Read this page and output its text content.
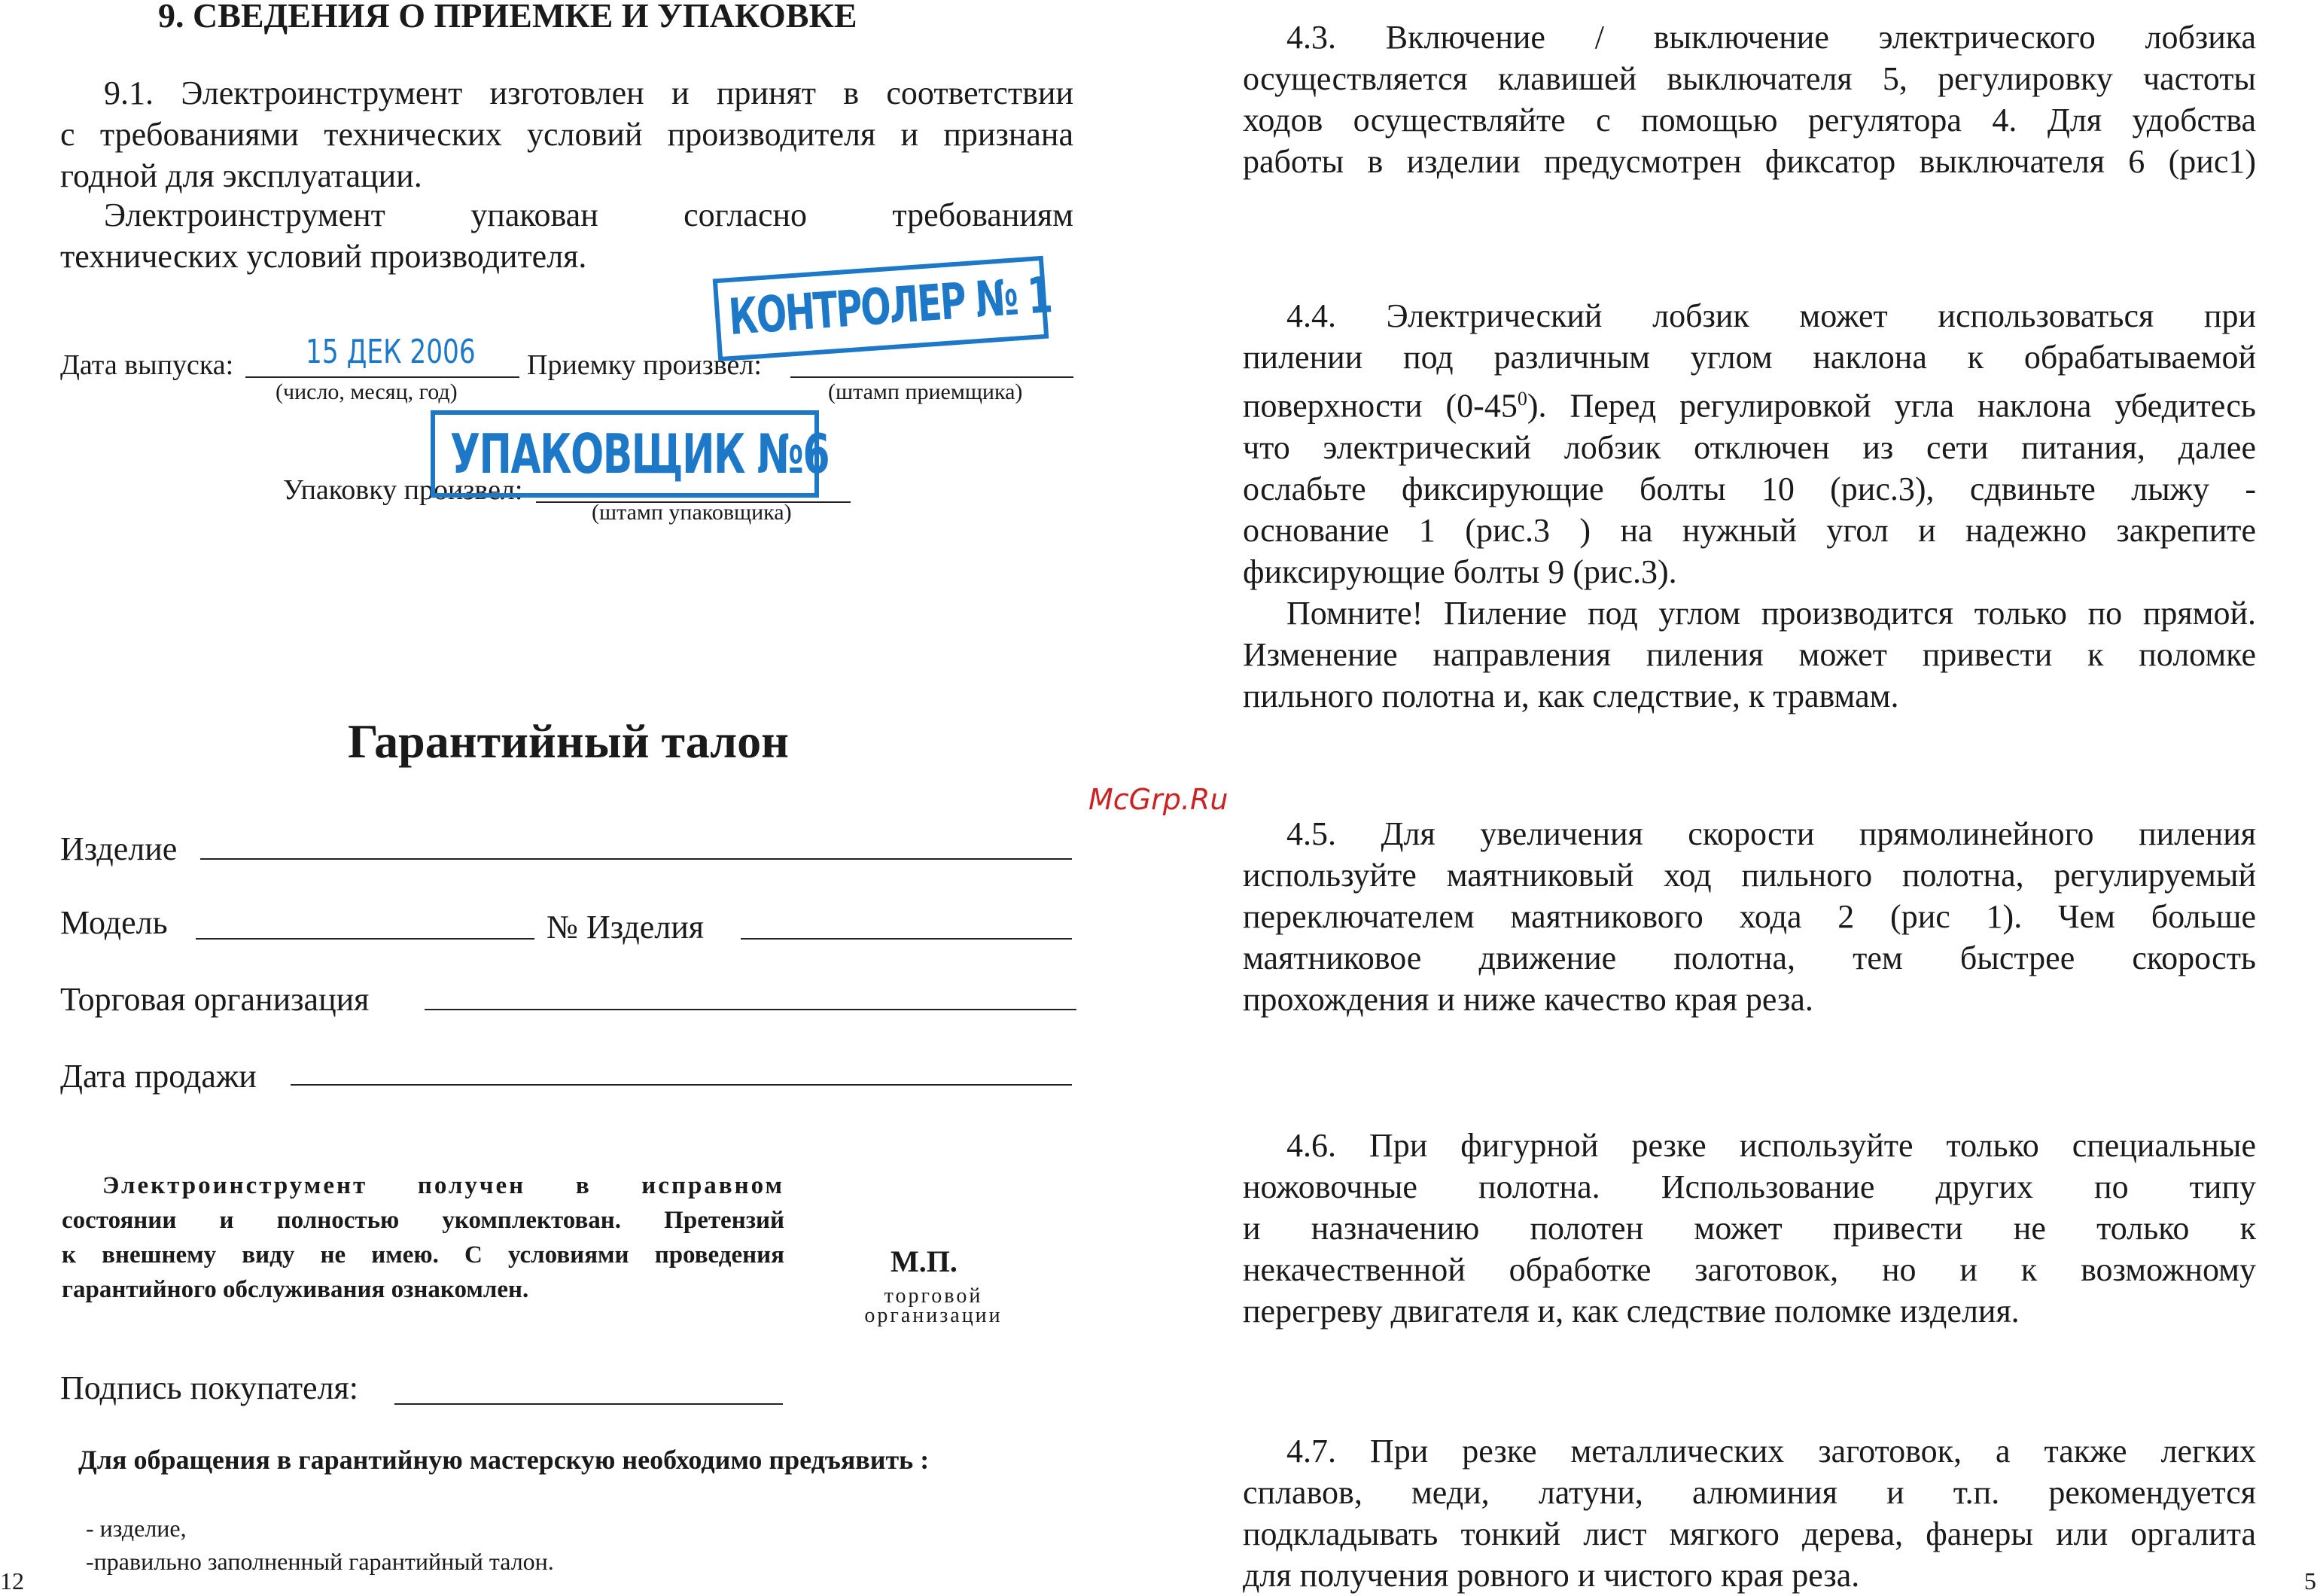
9. СВЕДЕНИЯ О ПРИЕМКЕ И УПАКОВКЕ
9.1. Электроинструмент изготовлен и принят в соответствии
с требованиями технических условий производителя и признана
годной для эксплуатации.
Электроинструмент упакован согласно требованиям
технических условий производителя.
Дата выпуска: 15 ДЕК 2006
(число, месяц, год)
Приемку произвел:
(штамп приемщика)
КОНТРОЛЕР № 1
Упаковку произвел:
(штамп упаковщика)
УПАКОВЩИК №6
Гарантийный талон
Изделие
Модель	№ Изделия
Торговая организация
Дата продажи
Электроинструмент получен в исправном
состоянии и полностью укомплектован. Претензий
к внешнему виду не имею. С условиями проведения
гарантийного обслуживания ознакомлен.
М.П.
торговой
организации
Подпись покупателя:
Для обращения в гарантийную мастерскую необходимо предъявить :
- изделие,
-правильно заполненный гарантийный талон.
12
McGrp.Ru
4.3. Включение / выключение электрического лобзика
осуществляется клавишей выключателя 5, регулировку частоты
ходов осуществляйте с помощью регулятора 4. Для удобства
работы в изделии предусмотрен фиксатор выключателя 6 (рис1)
4.4. Электрический лобзик может использоваться при
пилении под различным углом наклона к обрабатываемой
поверхности $(0-45^0)$. Перед регулировкой угла наклона убедитесь
что электрический лобзик отключен из сети питания, далее
ослабьте фиксирующие болты 10 (рис.3), сдвиньте лыжу -
основание 1 (рис.3 ) на нужный угол и надежно закрепите
фиксирующие болты 9 (рис.3).
Помните! Пиление под углом производится только по прямой.
Изменение направления пиления может привести к поломке
пильного полотна и, как следствие, к травмам.
4.5. Для увеличения скорости прямолинейного пиления
используйте маятниковый ход пильного полотна, регулируемый
переключателем маятникового хода 2 (рис 1). Чем больше
маятниковое движение полотна, тем быстрее скорость
прохождения и ниже качество края реза.
4.6. При фигурной резке используйте только специальные
ножовочные полотна. Использование других по типу
и назначению полотен может привести не только к
некачественной обработке заготовок, но и к возможному
перегреву двигателя и, как следствие поломке изделия.
4.7. При резке металлических заготовок, а также легких
сплавов, меди, латуни, алюминия и т.п. рекомендуется
подкладывать тонкий лист мягкого дерева, фанеры или оргалита
для получения ровного и чистого края реза.	5
